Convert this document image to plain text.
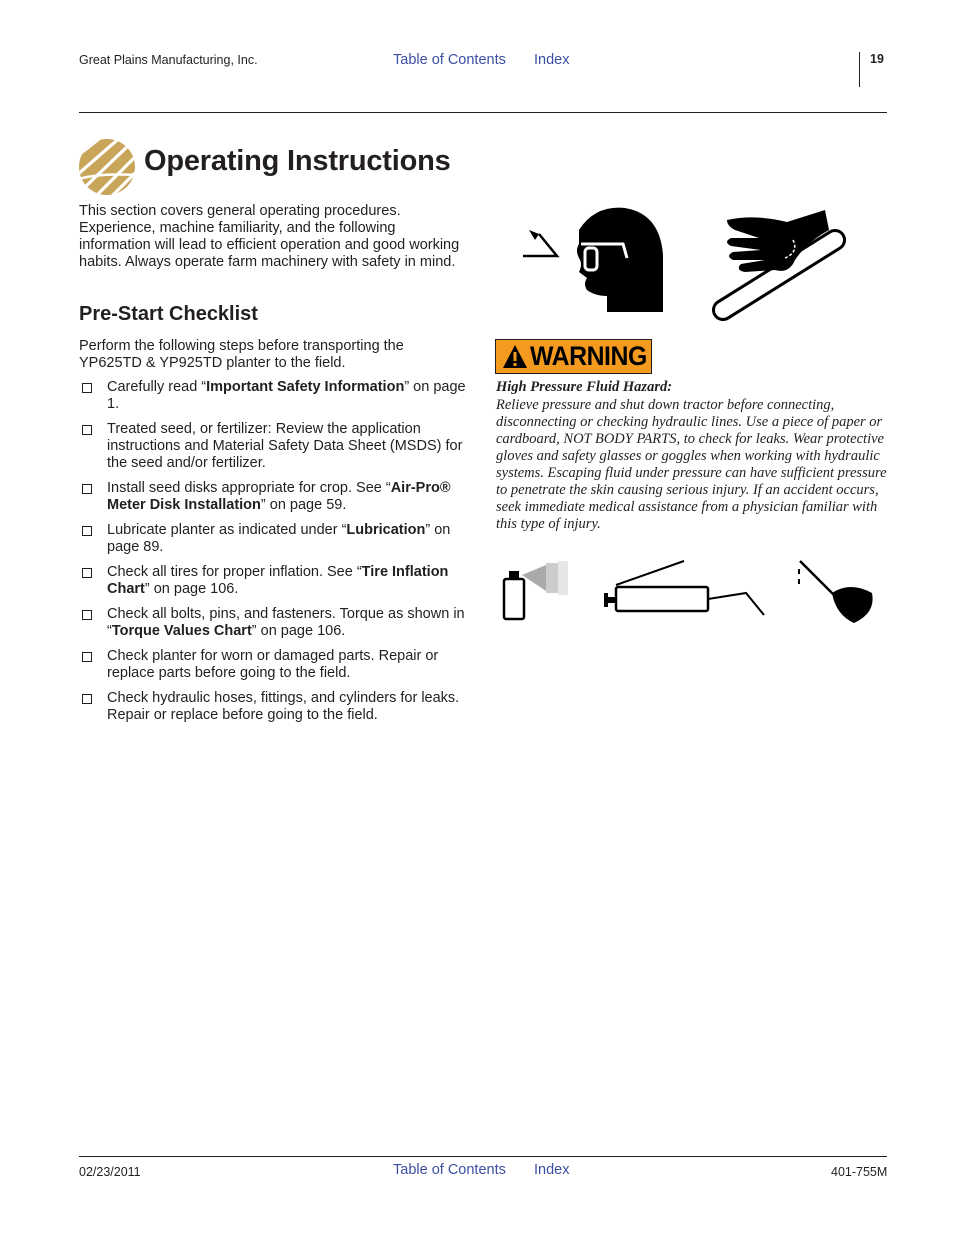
Great Plains Manufacturing, Inc.	Table of Contents Index	19
Operating Instructions
This section covers general operating procedures. Experience, machine familiarity, and the following information will lead to efficient operation and good working habits. Always operate farm machinery with safety in mind.
Pre-Start Checklist
Perform the following steps before transporting the YP625TD & YP925TD planter to the field.
Carefully read “Important Safety Information” on page 1.
Treated seed, or fertilizer: Review the application instructions and Material Safety Data Sheet (MSDS) for the seed and/or fertilizer.
Install seed disks appropriate for crop. See “Air-Pro® Meter Disk Installation” on page 59.
Lubricate planter as indicated under “Lubrication” on page 89.
Check all tires for proper inflation. See “Tire Inflation Chart” on page 106.
Check all bolts, pins, and fasteners. Torque as shown in “Torque Values Chart” on page 106.
Check planter for worn or damaged parts. Repair or replace parts before going to the field.
Check hydraulic hoses, fittings, and cylinders for leaks. Repair or replace before going to the field.
WARNING
High Pressure Fluid Hazard:
Relieve pressure and shut down tractor before connecting, disconnecting or checking hydraulic lines. Use a piece of paper or cardboard, NOT BODY PARTS, to check for leaks. Wear protective gloves and safety glasses or goggles when working with hydraulic systems. Escaping fluid under pressure can have sufficient pressure to penetrate the skin causing serious injury. If an accident occurs, seek immediate medical assistance from a physician familiar with this type of injury.
02/23/2011	Table of Contents Index	401-755M
